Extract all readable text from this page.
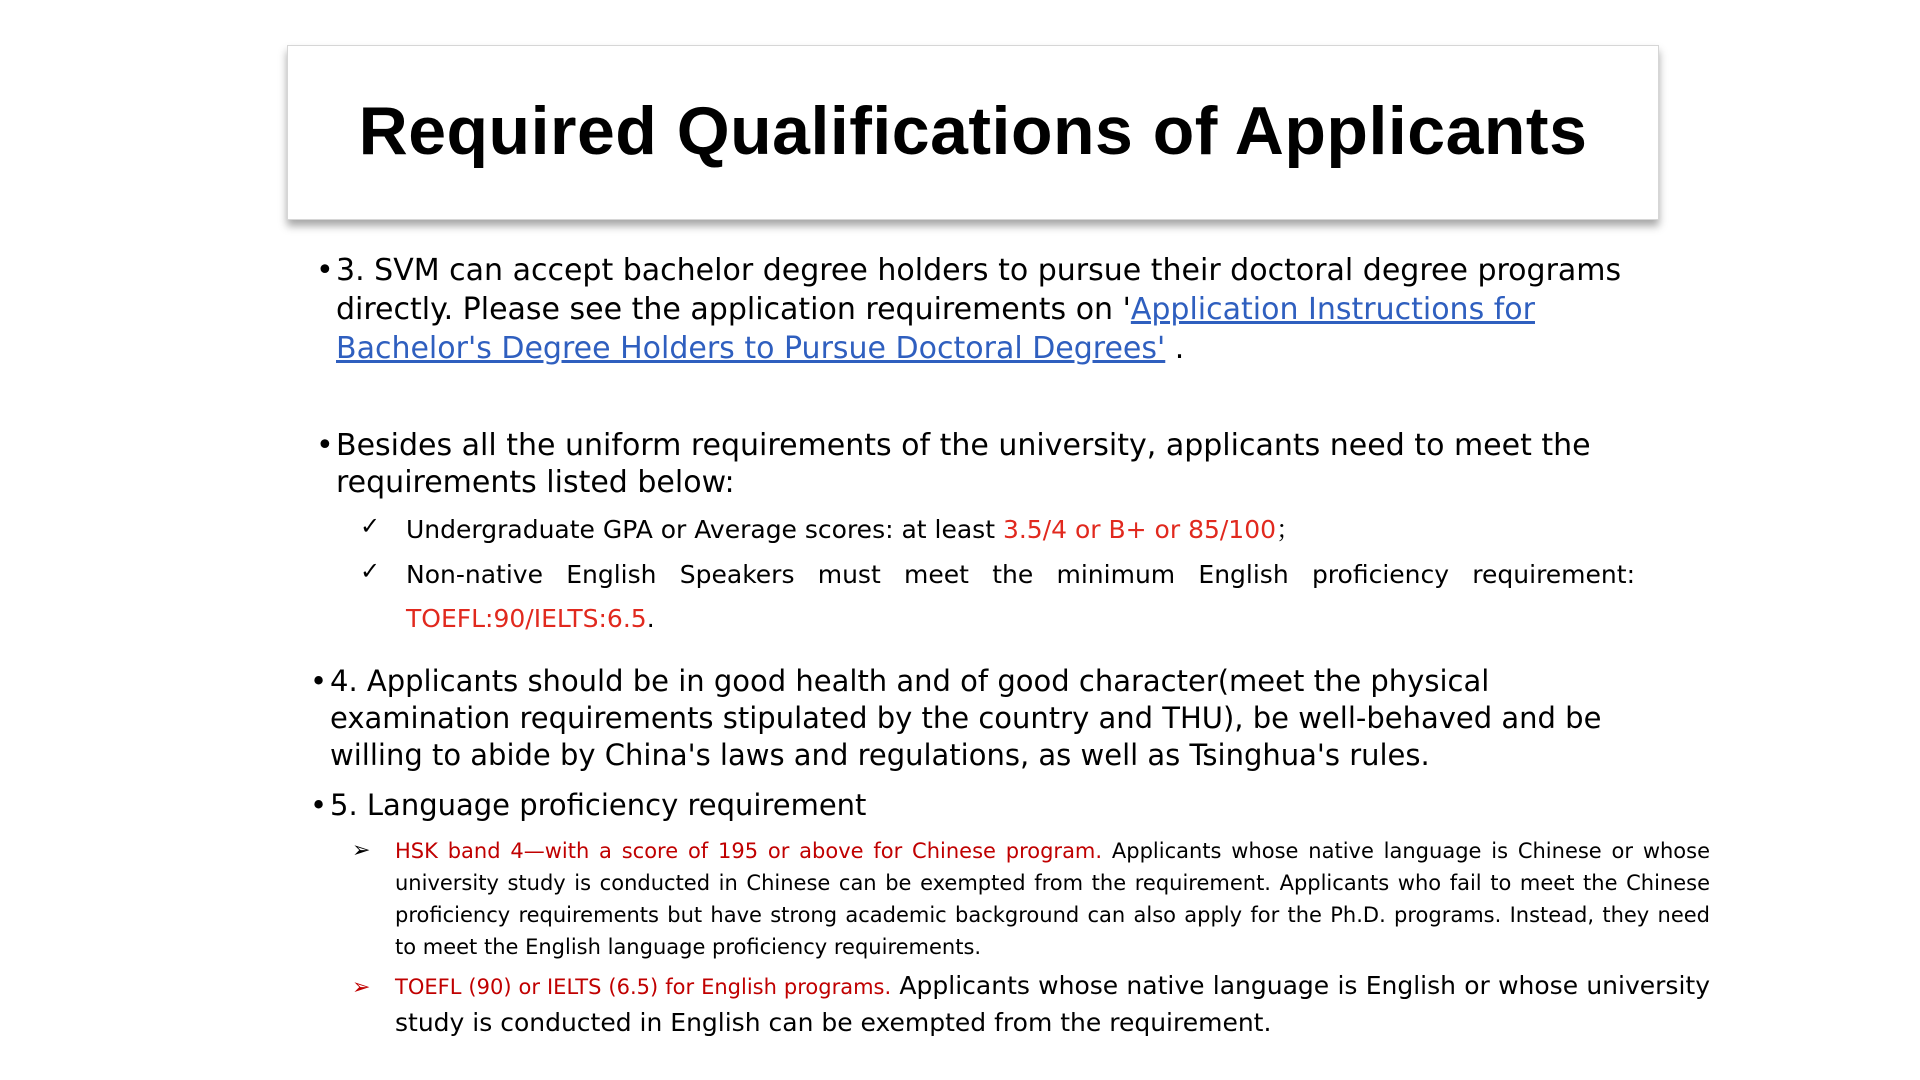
Required Qualifications of Applicants
• 3. SVM can accept bachelor degree holders to pursue their doctoral degree programs directly. Please see the application requirements on 'Application Instructions for Bachelor's Degree Holders to Pursue Doctoral Degrees' .
• Besides all the uniform requirements of the university, applicants need to meet the requirements listed below:
✓ Undergraduate GPA or Average scores: at least 3.5/4 or B+ or 85/100；
✓ Non-native English Speakers must meet the minimum English proficiency requirement: TOEFL:90/IELTS:6.5.
• 4. Applicants should be in good health and of good character(meet the physical examination requirements stipulated by the country and THU), be well-behaved and be willing to abide by China's laws and regulations, as well as Tsinghua's rules.
• 5. Language proficiency requirement
➢ HSK band 4—with a score of 195 or above for Chinese program. Applicants whose native language is Chinese or whose university study is conducted in Chinese can be exempted from the requirement. Applicants who fail to meet the Chinese proficiency requirements but have strong academic background can also apply for the Ph.D. programs. Instead, they need to meet the English language proficiency requirements.
➢ TOEFL (90) or IELTS (6.5) for English programs. Applicants whose native language is English or whose university study is conducted in English can be exempted from the requirement.
